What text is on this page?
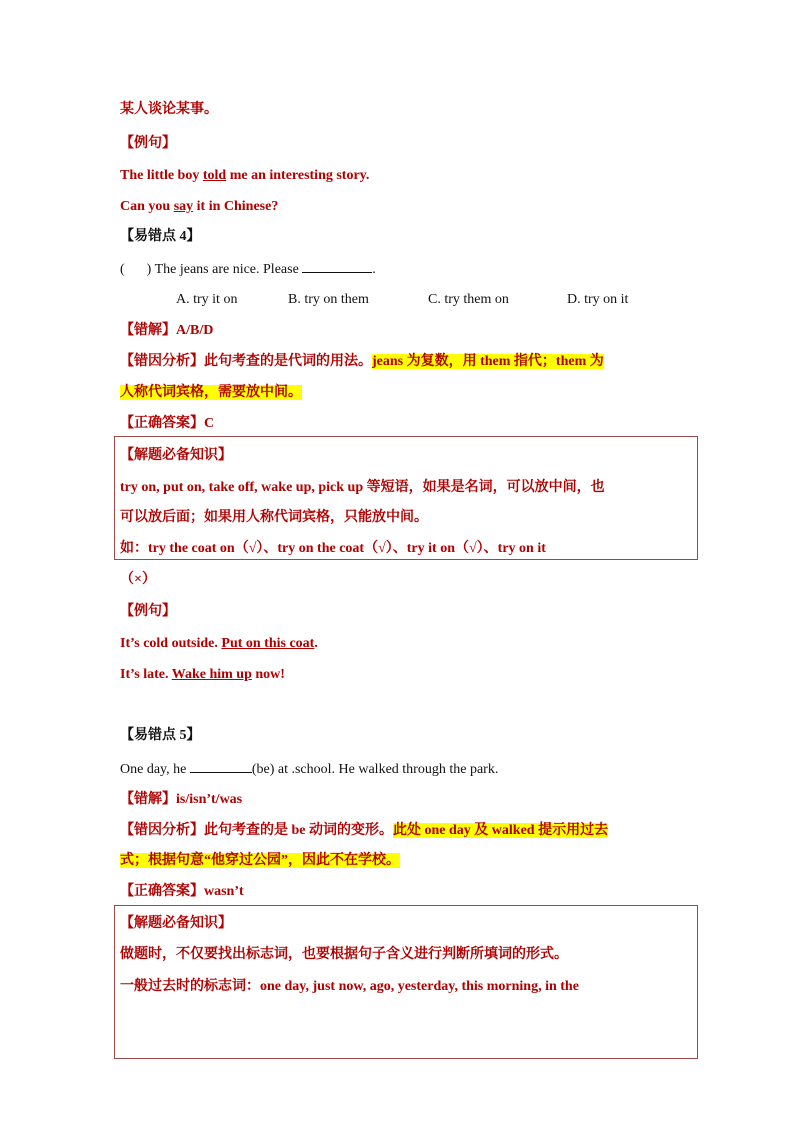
某人谈论某事。
【例句】
The little boy told me an interesting story.
Can you say it in Chinese?
【易错点 4】
( ) The jeans are nice. Please	.
A. try it on	B. try on them	C. try them on	D. try on it
【错解】A/B/D
【错因分析】此句考查的是代词的用法。jeans 为复数，用 them 指代；them 为
人称代词宾格，需要放中间。
【正确答案】C
【解题必备知识】
try on, put on, take off, wake up, pick up 等短语，如果是名词，可以放中间，也
可以放后面；如果用人称代词宾格，只能放中间。
如：try the coat on（√）、try on the coat（√）、try it on（√）、try on it
（×）
【例句】
It’s cold outside. Put on this coat.
It’s late. Wake him up now!
【易错点 5】
One day, he	(be) at .school. He walked through the park.
【错解】is/isn’t/was
【错因分析】此句考查的是 be 动词的变形。此处 one day 及 walked 提示用过去
式；根据句意“他穿过公园”，因此不在学校。
【正确答案】wasn’t
【解题必备知识】
做题时，不仅要找出标志词，也要根据句子含义进行判断所填词的形式。
一般过去时的标志词：one day, just now, ago, yesterday, this morning, in the
